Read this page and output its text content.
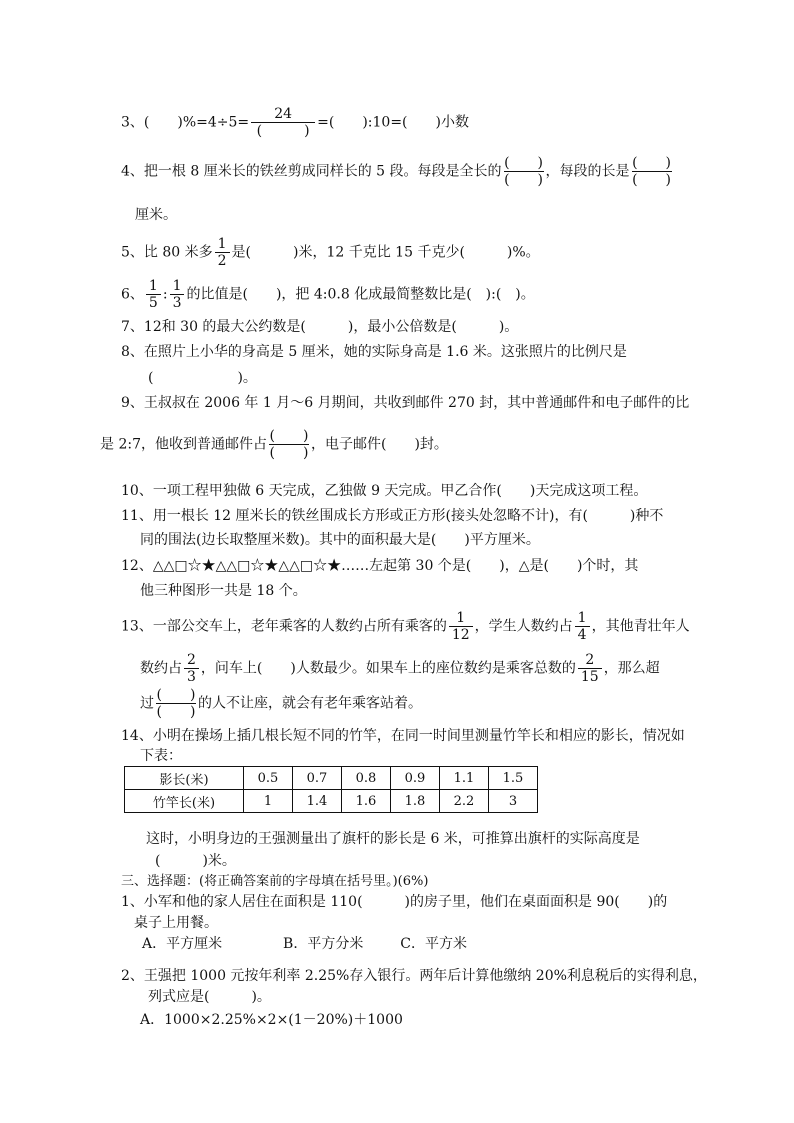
3、(　　)$\%=4\div 5= \frac{24}{( )}$ =(　　):10=(　　)小数
4、把一根 8 厘米长的铁丝剪成同样长的 5 段。每段是全长的 $\frac{( )}{( )}$ ，每段的长是 $\frac{( )}{( )}$
厘米。
5、比 80 米多 $\frac{1}{2}$ 是(　　　)米，12 千克比 15 千克少(　　　)%。
6、 $\frac{1}{5}$ : $\frac{1}{3}$ 的比值是(　　)，把 4:0.8 化成最简整数比是(　):(　)。
7、12和 30 的最大公约数是(　　　)，最小公倍数是(　　　)。
8、在照片上小华的身高是 5 厘米，她的实际身高是 1.6 米。这张照片的比例尺是
(　　　　　　)。
9、王叔叔在 2006 年 1 月～6 月期间，共收到邮件 270 封，其中普通邮件和电子邮件的比
是 2:7，他收到普通邮件占 $\frac{( )}{( )}$ ，电子邮件(　　)封。
10、一项工程甲独做 6 天完成，乙独做 9 天完成。甲乙合作(　　)天完成这项工程。
11、用一根长 12 厘米长的铁丝围成长方形或正方形(接头处忽略不计)，有(　　　)种不
同的围法(边长取整厘米数)。其中的面积最大是(　　)平方厘米。
12、△△□☆★△△□☆★△△□☆★……左起第 30 个是(　　)，△是(　　)个时，其
他三种图形一共是 18 个。
13、一部公交车上，老年乘客的人数约占所有乘客的 $\frac{1}{12}$ ，学生人数约占 $\frac{1}{4}$ ，其他青壮年人
数约占 $\frac{2}{3}$ ，问车上(　　)人数最少。如果车上的座位数约是乘客总数的 $\frac{2}{15}$ ，那么超
过 $\frac{( )}{( )}$ 的人不让座，就会有老年乘客站着。
14、小明在操场上插几根长短不同的竹竿，在同一时间里测量竹竿长和相应的影长，情况如
下表：
影长(米)	0.5	0.7	0.8	0.9	1.1	1.5
竹竿长(米)	1	1.4	1.6	1.8	2.2	3
这时，小明身边的王强测量出了旗杆的影长是 6 米，可推算出旗杆的实际高度是
(　　　)米。
三、选择题：(将正确答案前的字母填在括号里。)(6%)
1、小军和他的家人居住在面积是 110(　　　)的房子里，他们在桌面面积是 90(　　)的
桌子上用餐。
A．平方厘米	B．平方分米	C．平方米
2、王强把 1000 元按年利率 2.25%存入银行。两年后计算他缴纳 20%利息税后的实得利息，
列式应是(　　　)。
A．1000×2.25%×2×(1－20%)＋1000
